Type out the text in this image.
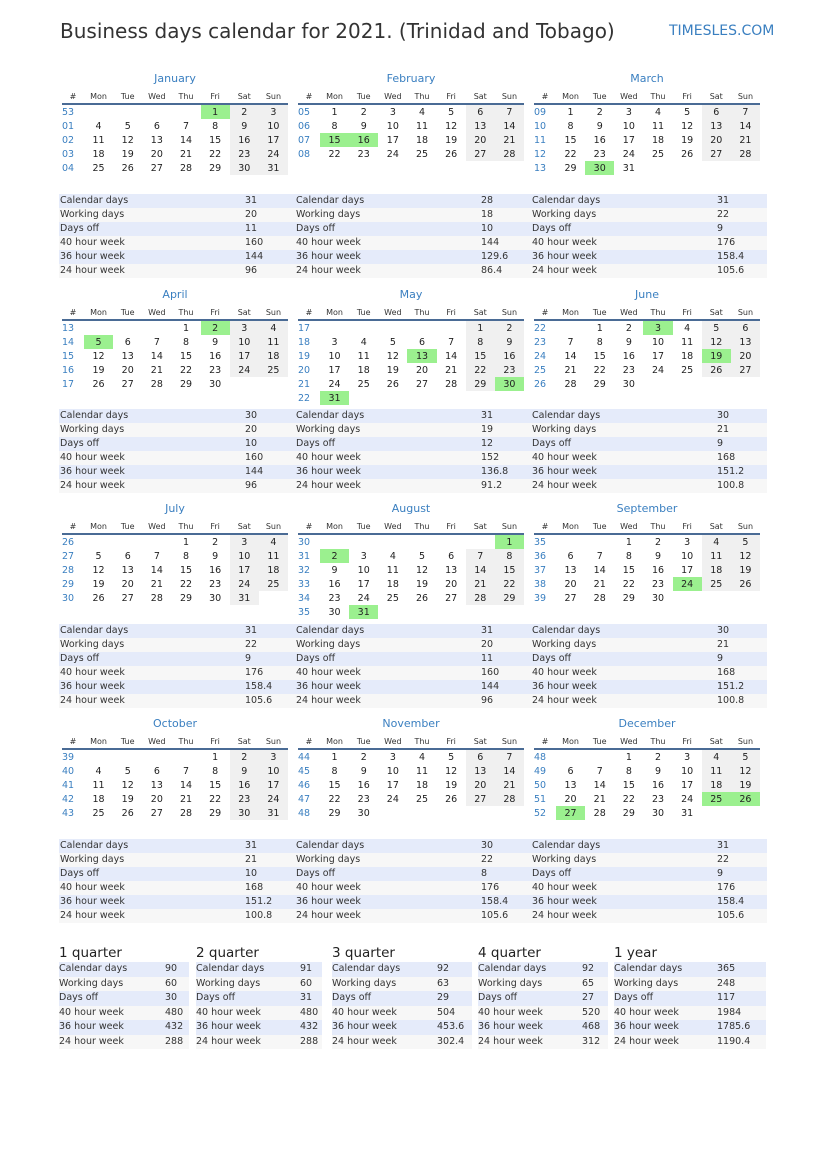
Business days calendar for 2021. (Trinidad and Tobago)	TIMESLES.COM
January
#	Mon	Tue	Wed	Thu	Fri	Sat	Sun
53					1	2	3
01	4	5	6	7	8	9	10
02	11	12	13	14	15	16	17
03	18	19	20	21	22	23	24
04	25	26	27	28	29	30	31
Calendar days	31
Working days	20
Days off	11
40 hour week	160
36 hour week	144
24 hour week	96
February
#	Mon	Tue	Wed	Thu	Fri	Sat	Sun
05	1	2	3	4	5	6	7
06	8	9	10	11	12	13	14
07	15	16	17	18	19	20	21
08	22	23	24	25	26	27	28
Calendar days	28
Working days	18
Days off	10
40 hour week	144
36 hour week	129.6
24 hour week	86.4
March
#	Mon	Tue	Wed	Thu	Fri	Sat	Sun
09	1	2	3	4	5	6	7
10	8	9	10	11	12	13	14
11	15	16	17	18	19	20	21
12	22	23	24	25	26	27	28
13	29	30	31				
Calendar days	31
Working days	22
Days off	9
40 hour week	176
36 hour week	158.4
24 hour week	105.6
April
#	Mon	Tue	Wed	Thu	Fri	Sat	Sun
13				1	2	3	4
14	5	6	7	8	9	10	11
15	12	13	14	15	16	17	18
16	19	20	21	22	23	24	25
17	26	27	28	29	30		
Calendar days	30
Working days	20
Days off	10
40 hour week	160
36 hour week	144
24 hour week	96
May
#	Mon	Tue	Wed	Thu	Fri	Sat	Sun
17						1	2
18	3	4	5	6	7	8	9
19	10	11	12	13	14	15	16
20	17	18	19	20	21	22	23
21	24	25	26	27	28	29	30
22	31						
Calendar days	31
Working days	19
Days off	12
40 hour week	152
36 hour week	136.8
24 hour week	91.2
June
#	Mon	Tue	Wed	Thu	Fri	Sat	Sun
22		1	2	3	4	5	6
23	7	8	9	10	11	12	13
24	14	15	16	17	18	19	20
25	21	22	23	24	25	26	27
26	28	29	30				
Calendar days	30
Working days	21
Days off	9
40 hour week	168
36 hour week	151.2
24 hour week	100.8
July
#	Mon	Tue	Wed	Thu	Fri	Sat	Sun
26				1	2	3	4
27	5	6	7	8	9	10	11
28	12	13	14	15	16	17	18
29	19	20	21	22	23	24	25
30	26	27	28	29	30	31	
Calendar days	31
Working days	22
Days off	9
40 hour week	176
36 hour week	158.4
24 hour week	105.6
August
#	Mon	Tue	Wed	Thu	Fri	Sat	Sun
30							1
31	2	3	4	5	6	7	8
32	9	10	11	12	13	14	15
33	16	17	18	19	20	21	22
34	23	24	25	26	27	28	29
35	30	31					
Calendar days	31
Working days	20
Days off	11
40 hour week	160
36 hour week	144
24 hour week	96
September
#	Mon	Tue	Wed	Thu	Fri	Sat	Sun
35			1	2	3	4	5
36	6	7	8	9	10	11	12
37	13	14	15	16	17	18	19
38	20	21	22	23	24	25	26
39	27	28	29	30			
Calendar days	30
Working days	21
Days off	9
40 hour week	168
36 hour week	151.2
24 hour week	100.8
October
#	Mon	Tue	Wed	Thu	Fri	Sat	Sun
39					1	2	3
40	4	5	6	7	8	9	10
41	11	12	13	14	15	16	17
42	18	19	20	21	22	23	24
43	25	26	27	28	29	30	31
Calendar days	31
Working days	21
Days off	10
40 hour week	168
36 hour week	151.2
24 hour week	100.8
November
#	Mon	Tue	Wed	Thu	Fri	Sat	Sun
44	1	2	3	4	5	6	7
45	8	9	10	11	12	13	14
46	15	16	17	18	19	20	21
47	22	23	24	25	26	27	28
48	29	30					
Calendar days	30
Working days	22
Days off	8
40 hour week	176
36 hour week	158.4
24 hour week	105.6
December
#	Mon	Tue	Wed	Thu	Fri	Sat	Sun
48			1	2	3	4	5
49	6	7	8	9	10	11	12
50	13	14	15	16	17	18	19
51	20	21	22	23	24	25	26
52	27	28	29	30	31		
Calendar days	31
Working days	22
Days off	9
40 hour week	176
36 hour week	158.4
24 hour week	105.6
1 quarter
Calendar days	90
Working days	60
Days off	30
40 hour week	480
36 hour week	432
24 hour week	288
2 quarter
Calendar days	91
Working days	60
Days off	31
40 hour week	480
36 hour week	432
24 hour week	288
3 quarter
Calendar days	92
Working days	63
Days off	29
40 hour week	504
36 hour week	453.6
24 hour week	302.4
4 quarter
Calendar days	92
Working days	65
Days off	27
40 hour week	520
36 hour week	468
24 hour week	312
1 year
Calendar days	365
Working days	248
Days off	117
40 hour week	1984
36 hour week	1785.6
24 hour week	1190.4
